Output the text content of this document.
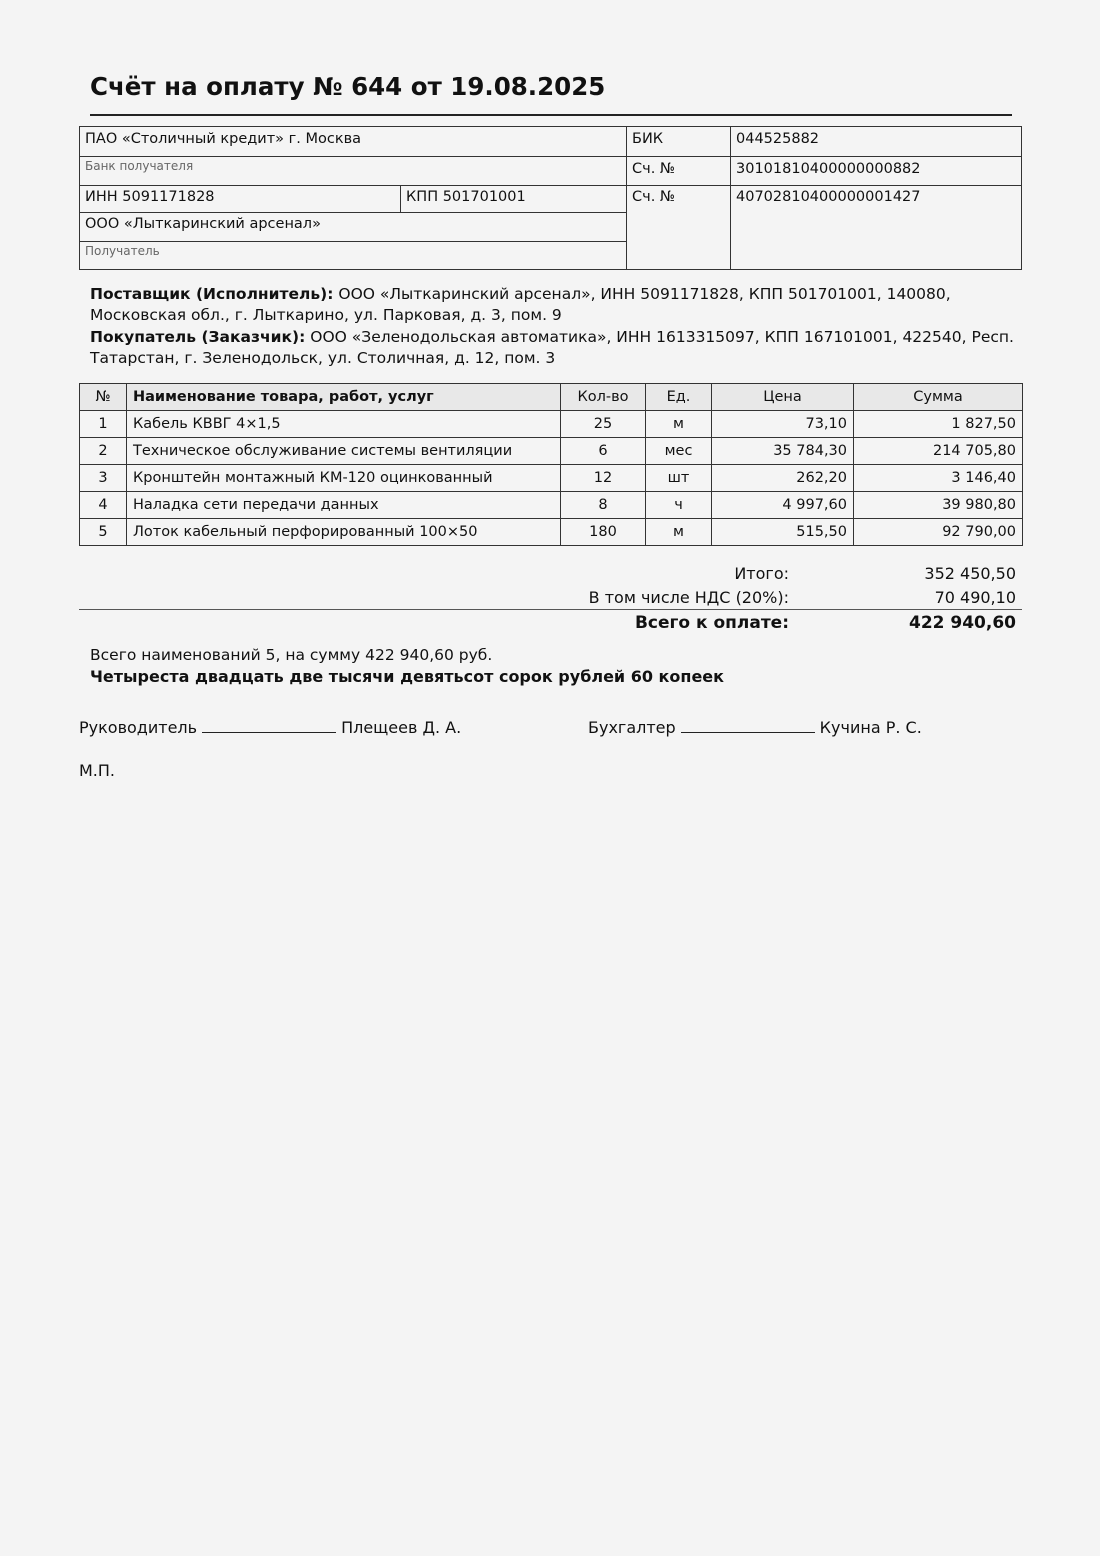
Счёт на оплату № 644 от 19.08.2025
ПАО «Столичный кредит» г. Москва
Банк получателя
БИК	044525882
Сч. №	30101810400000000882
ИНН 5091171828	КПП 501701001	Сч. №	40702810400000001427
ООО «Лыткаринский арсенал»
Получатель
Поставщик (Исполнитель): ООО «Лыткаринский арсенал», ИНН 5091171828, КПП 501701001, 140080, Московская обл., г. Лыткарино, ул. Парковая, д. 3, пом. 9
Покупатель (Заказчик): ООО «Зеленодольская автоматика», ИНН 1613315097, КПП 167101001, 422540, Респ. Татарстан, г. Зеленодольск, ул. Столичная, д. 12, пом. 3
№	Наименование товара, работ, услуг	Кол-во	Ед.	Цена	Сумма
1	Кабель КВВГ 4×1,5	25	м	73,10	1 827,50
2	Техническое обслуживание системы вентиляции	6	мес	35 784,30	214 705,80
3	Кронштейн монтажный КМ-120 оцинкованный	12	шт	262,20	3 146,40
4	Наладка сети передачи данных	8	ч	4 997,60	39 980,80
5	Лоток кабельный перфорированный 100×50	180	м	515,50	92 790,00
Итого:	352 450,50
В том числе НДС (20%):	70 490,10
Всего к оплате:	422 940,60
Всего наименований 5, на сумму 422 940,60 руб.
Четыреста двадцать две тысячи девятьсот сорок рублей 60 копеек
Руководитель	Плещеев Д. А.	Бухгалтер	Кучина Р. С.
М.П.
